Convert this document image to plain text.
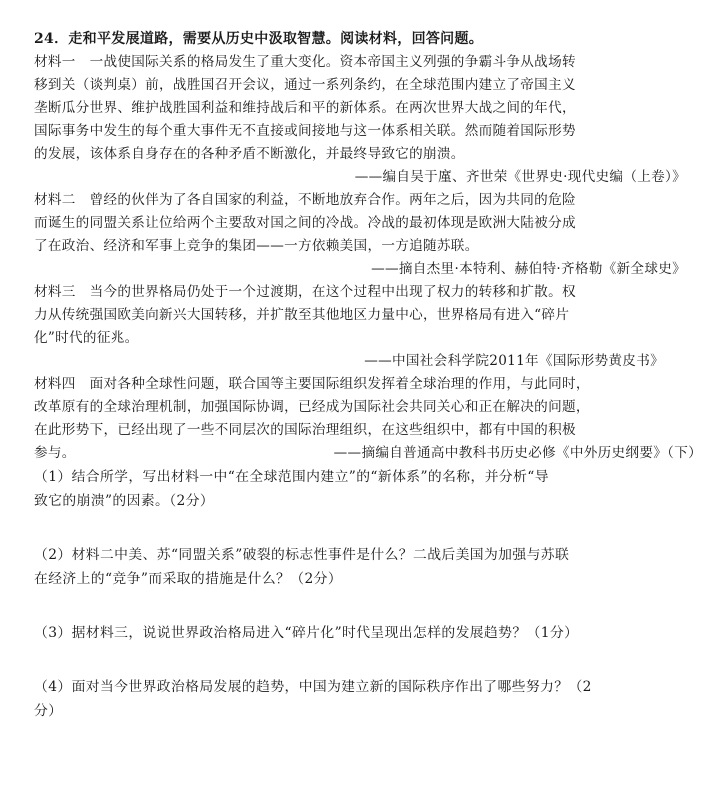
24．走和平发展道路，需要从历史中汲取智慧。阅读材料，回答问题。
材料一　一战使国际关系的格局发生了重大变化。资本帝国主义列强的争霸斗争从战场转
移到关（谈判桌）前，战胜国召开会议，通过一系列条约，在全球范围内建立了帝国主义
垄断瓜分世界、维护战胜国利益和维持战后和平的新体系。在两次世界大战之间的年代，
国际事务中发生的每个重大事件无不直接或间接地与这一体系相关联。然而随着国际形势
的发展，该体系自身存在的各种矛盾不断激化，并最终导致它的崩溃。
——编自吴于廑、齐世荣《世界史·现代史编（上卷）》
材料二　曾经的伙伴为了各自国家的利益，不断地放弃合作。两年之后，因为共同的危险
而诞生的同盟关系让位给两个主要敌对国之间的冷战。冷战的最初体现是欧洲大陆被分成
了在政治、经济和军事上竞争的集团——一方依赖美国，一方追随苏联。
——摘自杰里·本特利、赫伯特·齐格勒《新全球史》
材料三　当今的世界格局仍处于一个过渡期，在这个过程中出现了权力的转移和扩散。权
力从传统强国欧美向新兴大国转移，并扩散至其他地区力量中心，世界格局有进入“碎片
化”时代的征兆。
——中国社会科学院2011年《国际形势黄皮书》
材料四　面对各种全球性问题，联合国等主要国际组织发挥着全球治理的作用，与此同时，
改革原有的全球治理机制，加强国际协调，已经成为国际社会共同关心和正在解决的问题，
在此形势下，已经出现了一些不同层次的国际治理组织，在这些组织中，都有中国的积极
参与。	——摘编自普通高中教科书历史必修《中外历史纲要》（下）
（1）结合所学，写出材料一中“在全球范围内建立”的“新体系”的名称，并分析“导
致它的崩溃”的因素。（2分）
（2）材料二中美、苏“同盟关系”破裂的标志性事件是什么？二战后美国为加强与苏联
在经济上的“竞争”而采取的措施是什么？（2分）
（3）据材料三，说说世界政治格局进入“碎片化”时代呈现出怎样的发展趋势？（1分）
（4）面对当今世界政治格局发展的趋势，中国为建立新的国际秩序作出了哪些努力？（2
分）
